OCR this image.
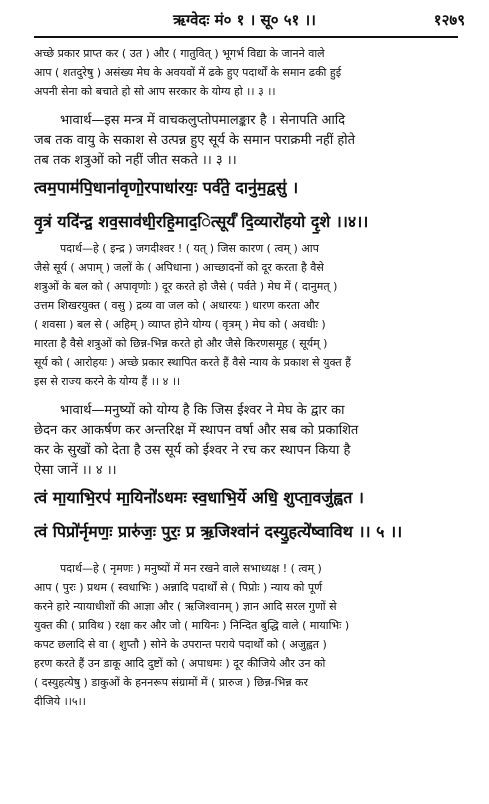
ऋग्वेदः मं० १ । सू० ५१ ।।	१२७९
अच्छे प्रकार प्राप्त कर ( उत ) और ( गातुवित् ) भूगर्भ विद्या के जानने वाले
आप ( शतदुरेषु ) असंख्य मेघ के अवयवों में ढके हुए पदार्थों के समान ढकी हुई
अपनी सेना को बचाते हो सो आप सरकार के योग्य हो ।। ३ ।।
भावार्थ—इस मन्त्र में वाचकलुप्तोपमालङ्कार है । सेनापति आदि
जब तक वायु के सकाश से उत्पन्न हुए सूर्य के समान पराक्रमी नहीं होते
तब तक शत्रुओं को नहीं जीत सकते ।। ३ ।।
त्वम॒पाम॑पि॒धाना॑वृणो॒रपाधा॑रयः॒ पर्व॑ते॒ दानु॑म॒द्वसु॑ ।
वृ॒त्रं यदि॑न्द्र॒ शव॒साव॑धी॒रहि॒माद॒ित्सूर्यं॑ दि॒व्यारो॑हयो दृ॒शे ।।४।।
पदार्थ—हे ( इन्द्र ) जगदीश्वर ! ( यत् ) जिस कारण ( त्वम् ) आप
जैसे सूर्य ( अपाम् ) जलों के ( अपिधाना ) आच्छादनों को दूर करता है वैसे
शत्रुओं के बल को ( अपावृणोः ) दूर करते हो जैसे ( पर्वते ) मेघ में ( दानुमत् )
उत्तम शिखरयुक्त ( वसु ) द्रव्य वा जल को ( अधारयः ) धारण करता और
( शवसा ) बल से ( अहिम् ) व्याप्त होने योग्य ( वृत्रम् ) मेघ को ( अवधीः )
मारता है वैसे शत्रुओं को छिन्न-भिन्न करते हो और जैसे किरणसमूह ( सूर्यम् )
सूर्य को ( आरोहयः ) अच्छे प्रकार स्थापित करते हैं वैसे न्याय के प्रकाश से युक्त हैं
इस से राज्य करने के योग्य हैं ।। ४ ।।
भावार्थ—मनुष्यों को योग्य है कि जिस ईश्वर ने मेघ के द्वार का
छेदन कर आकर्षण कर अन्तरिक्ष में स्थापन वर्षा और सब को प्रकाशित
कर के सुखों को देता है उस सूर्य को ईश्वर ने रच कर स्थापन किया है
ऐसा जानें ।। ४ ।।
त्वं मा॒याभि॒रप॑ मा॒यिनो॑ऽधमः स्व॒धाभि॒र्ये अधि॒ शुप्ता॒वजु॑ह्वत ।
त्वं पिप्रो॑र्नृमणः॒ प्रारु॑जः॒ पुरः॒ प्र ऋ॒जिश्वा॑नं दस्यु॒हत्ये॑ष्वाविथ ।। ५ ।।
पदार्थ—हे ( नृमणः ) मनुष्यों में मन रखने वाले सभाध्यक्ष ! ( त्वम् )
आप ( पुरः ) प्रथम ( स्वधाभिः ) अन्नादि पदार्थों से ( पिप्रोः ) न्याय को पूर्ण
करने हारे न्यायाधीशों की आज्ञा और ( ऋजिश्वानम् ) ज्ञान आदि सरल गुणों से
युक्त की ( प्राविथ ) रक्षा कर और जो ( मायिनः ) निन्दित बुद्धि वाले ( मायाभिः )
कपट छलादि से वा ( शुप्तौ ) सोने के उपरान्त पराये पदार्थों को ( अजुह्वत )
हरण करते हैं उन डाकू आदि दुष्टों को ( अपाधमः ) दूर कीजिये और उन को
( दस्युहत्येषु ) डाकुओं के हननरूप संग्रामों में ( प्रारुज ) छिन्न-भिन्न कर
दीजिये ।।५।।
